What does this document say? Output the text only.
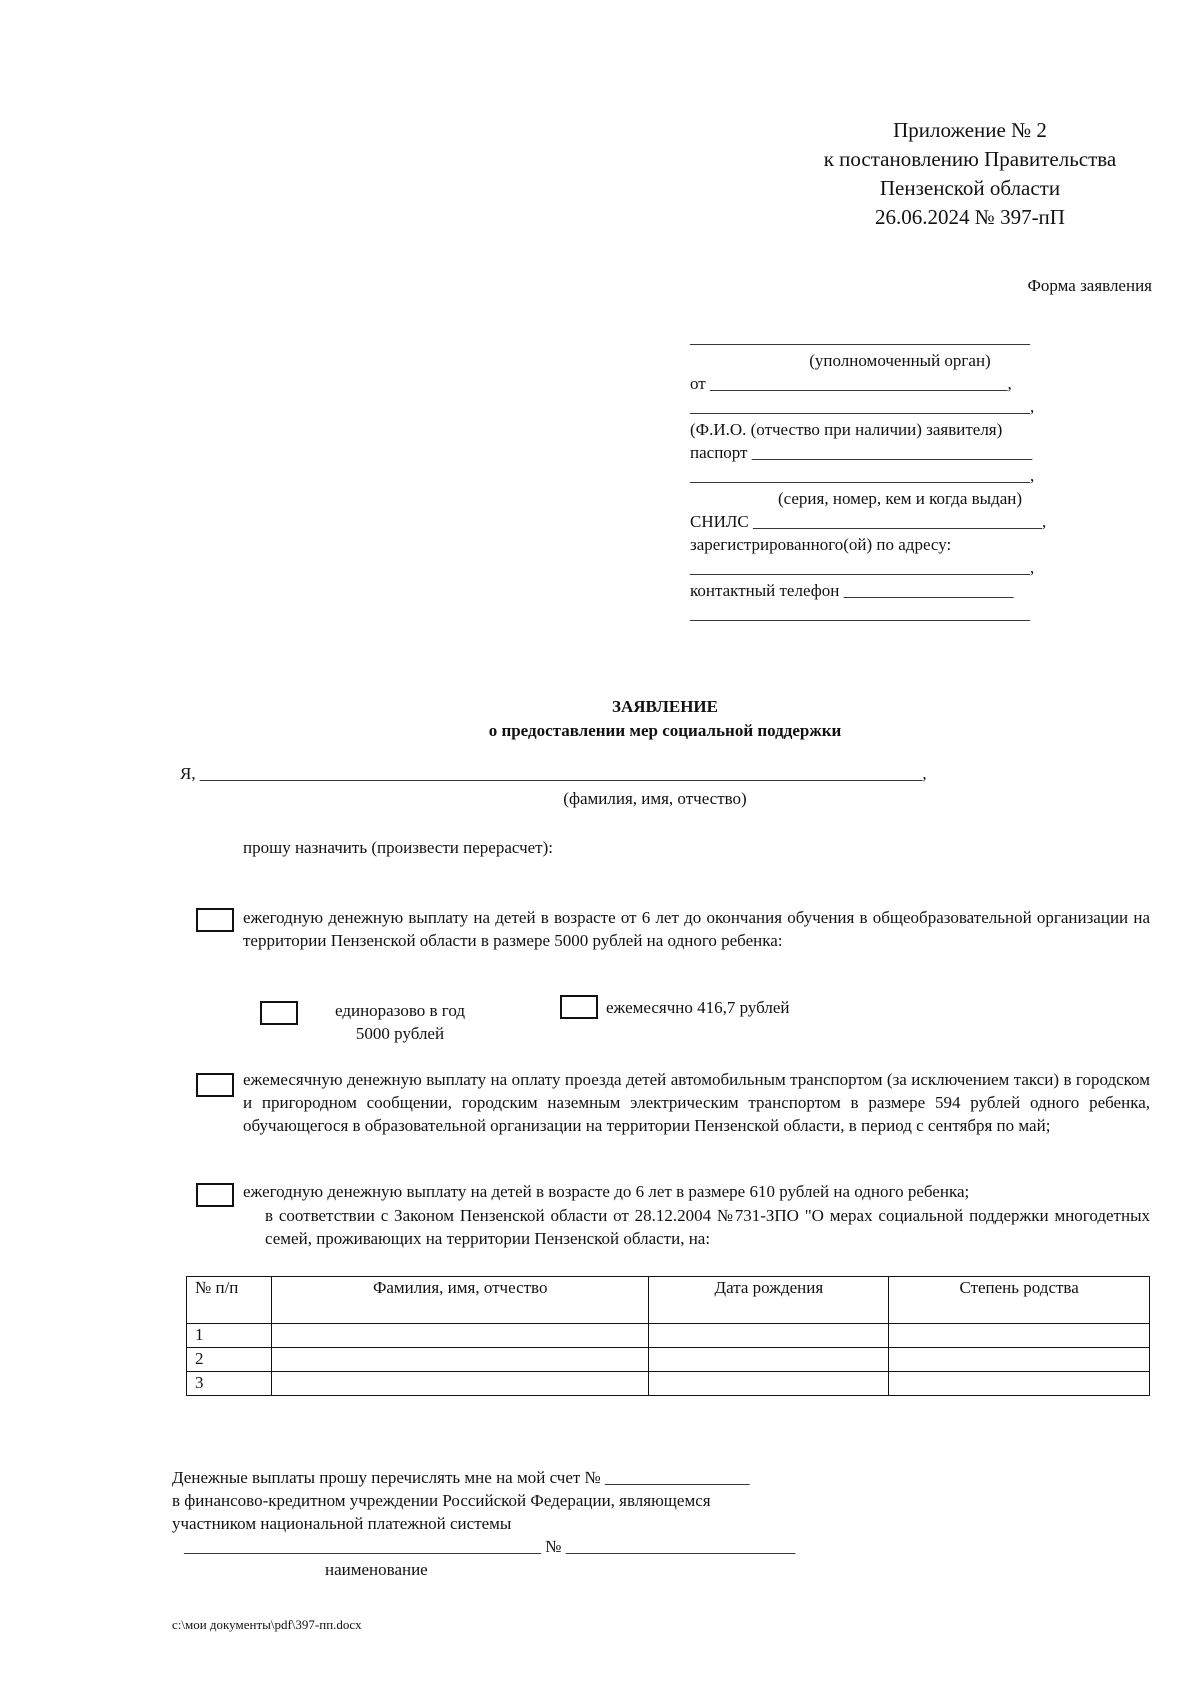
Приложение № 2
к постановлению Правительства
Пензенской области
26.06.2024 № 397-пП
Форма заявления
________________________________________
(уполномоченный орган)
от ___________________________________,
________________________________________,
(Ф.И.О. (отчество при наличии) заявителя)
паспорт _________________________________
________________________________________,
(серия, номер, кем и когда выдан)
СНИЛС __________________________________,
зарегистрированного(ой) по адресу:
________________________________________,
контактный телефон ____________________
________________________________________
ЗАЯВЛЕНИЕ
о предоставлении мер социальной поддержки
Я, _____________________________________________________________________________________,
(фамилия, имя, отчество)
прошу назначить (произвести перерасчет):
ежегодную денежную выплату на детей в возрасте от 6 лет до окончания обучения в общеобразовательной организации на территории Пензенской области в размере 5000 рублей на одного ребенка:
единоразово в год
5000 рублей
ежемесячно 416,7 рублей
ежемесячную денежную выплату на оплату проезда детей автомобильным транспортом (за исключением такси) в городском и пригородном сообщении, городским наземным электрическим транспортом в размере 594 рублей одного ребенка, обучающегося в образовательной организации на территории Пензенской области, в период с сентября по май;
ежегодную денежную выплату на детей в возрасте до 6 лет в размере 610 рублей на одного ребенка;
в соответствии с Законом Пензенской области от 28.12.2004 №731-ЗПО "О мерах социальной поддержки многодетных семей, проживающих на территории Пензенской области, на:
№ п/п	Фамилия, имя, отчество	Дата рождения	Степень родства
1			
2			
3			
Денежные выплаты прошу перечислять мне на мой счет № _________________
в финансово-кредитном учреждении Российской Федерации, являющемся
участником национальной платежной системы
__________________________________________ № ___________________________
наименование
c:\мои документы\pdf\397-пп.docx
